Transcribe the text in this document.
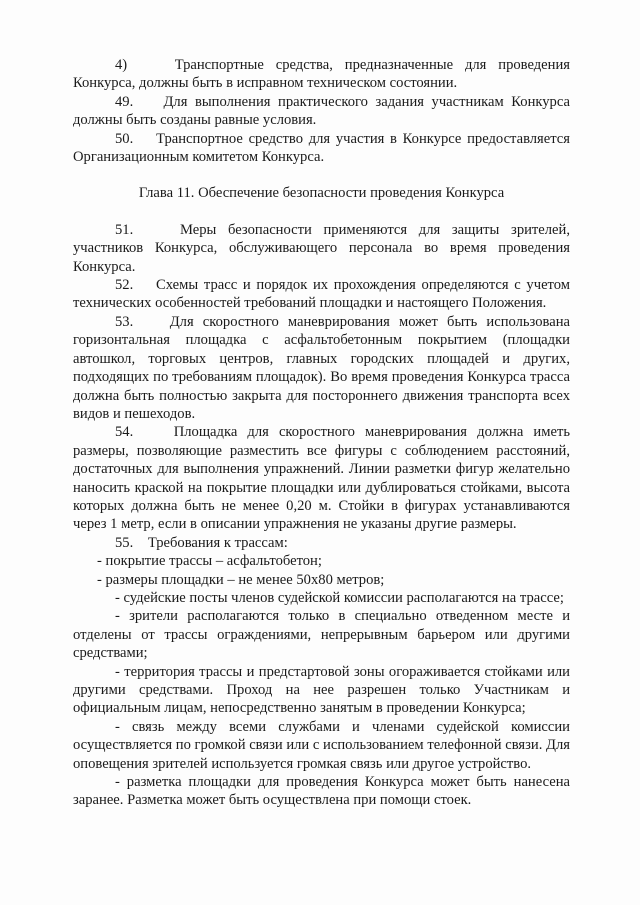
4)    Транспортные средства, предназначенные для проведения Конкурса, должны быть в исправном техническом состоянии.

49.    Для выполнения практического задания участникам Конкурса должны быть созданы равные условия.

50.    Транспортное средство для участия в Конкурсе предоставляется Организационным комитетом Конкурса.

Глава 11. Обеспечение безопасности проведения Конкурса

51.    Меры безопасности применяются для защиты зрителей, участников Конкурса, обслуживающего персонала во время проведения Конкурса.

52.    Схемы трасс и порядок их прохождения определяются с учетом технических особенностей требований площадки и настоящего Положения.

53.    Для скоростного маневрирования может быть использована горизонтальная площадка с асфальтобетонным покрытием (площадки автошкол, торговых центров, главных городских площадей и других, подходящих по требованиям площадок). Во время проведения Конкурса трасса должна быть полностью закрыта для постороннего движения транспорта всех видов и пешеходов.

54.    Площадка для скоростного маневрирования должна иметь размеры, позволяющие разместить все фигуры с соблюдением расстояний, достаточных для выполнения упражнений. Линии разметки фигур желательно наносить краской на покрытие площадки или дублироваться стойками, высота которых должна быть не менее 0,20 м. Стойки в фигурах устанавливаются через 1 метр, если в описании упражнения не указаны другие размеры.

55.    Требования к трассам:

- покрытие трассы – асфальтобетон;

- размеры площадки – не менее 50х80 метров;

- судейские посты членов судейской комиссии располагаются на трассе;

- зрители располагаются только в специально отведенном месте и отделены от трассы ограждениями, непрерывным барьером или другими средствами;

- территория трассы и предстартовой зоны огораживается стойками или другими средствами. Проход на нее разрешен только Участникам и официальным лицам, непосредственно занятым в проведении Конкурса;

- связь между всеми службами и членами судейской комиссии осуществляется по громкой связи или с использованием телефонной связи. Для оповещения зрителей используется громкая связь или другое устройство.

- разметка площадки для проведения Конкурса может быть нанесена заранее. Разметка может быть осуществлена при помощи стоек.
